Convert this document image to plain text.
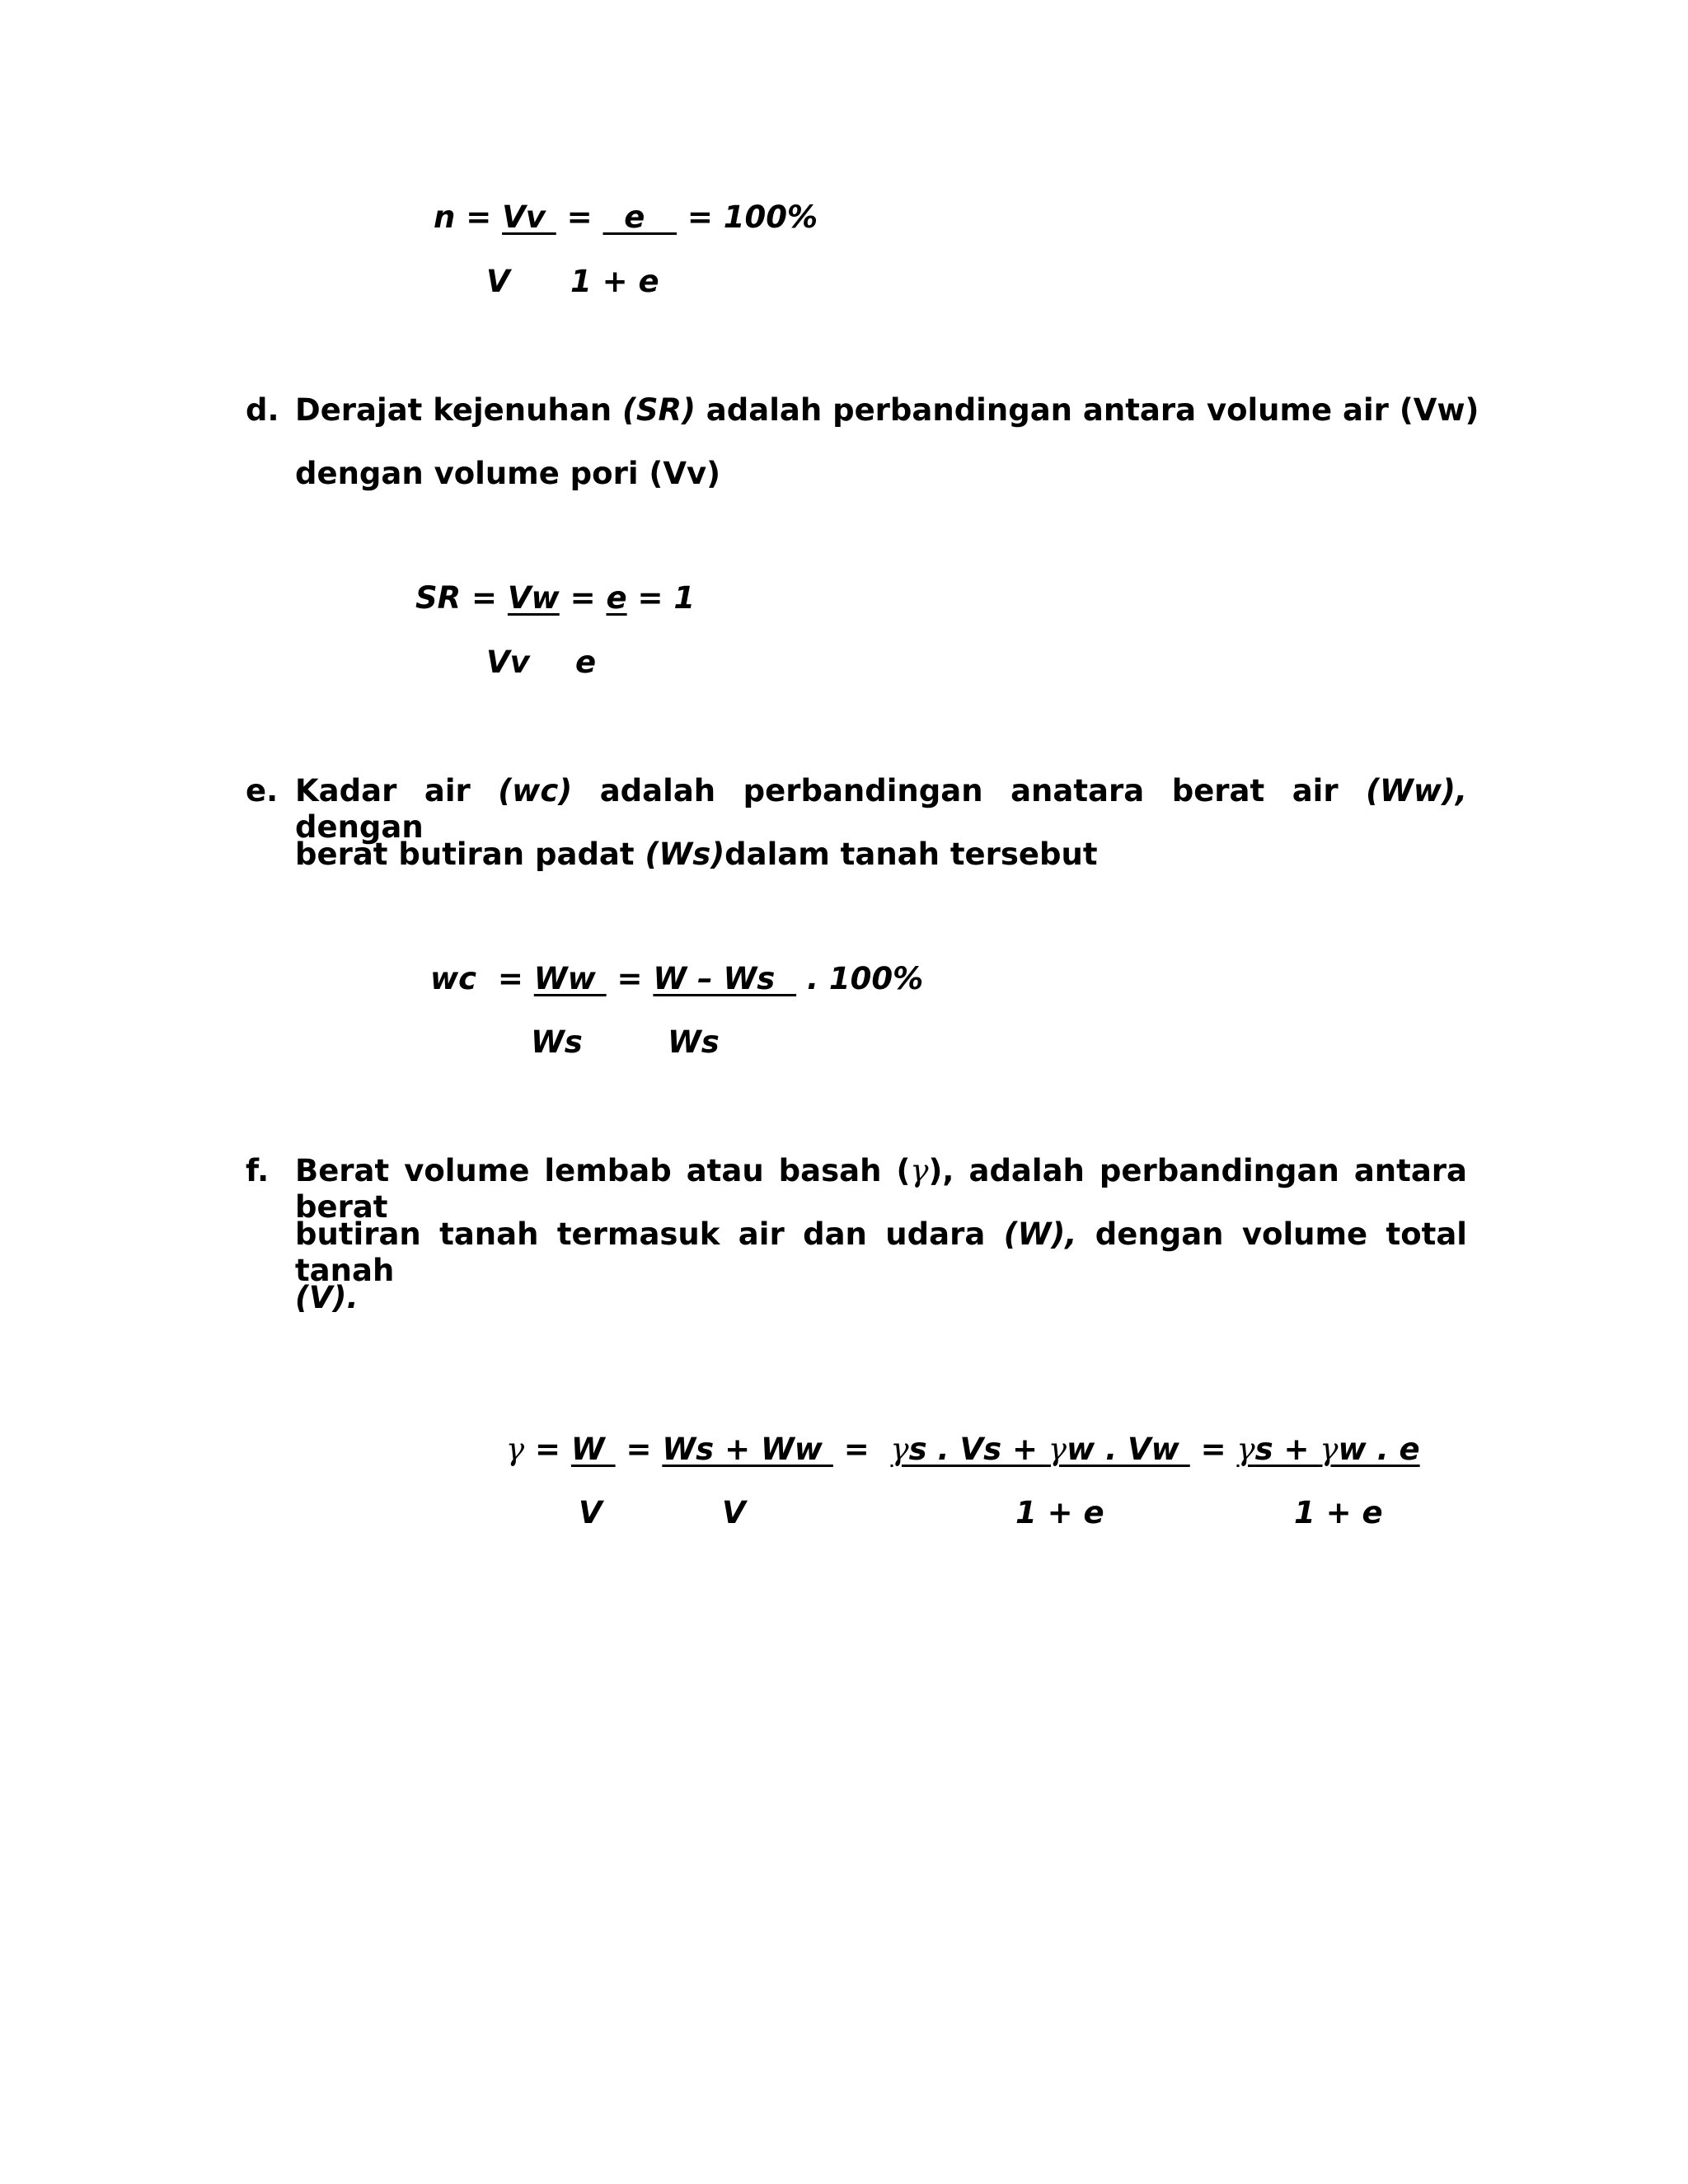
n = Vv  =   e    = 100%
V 1 + e
d. Derajat kejenuhan (SR) adalah perbandingan antara volume air (Vw)
dengan volume pori (Vv)
SR = Vw = e = 1
Vv e
e. Kadar air (wc) adalah perbandingan anatara berat air (Ww), dengan
berat butiran padat (Ws)dalam tanah tersebut
wc  = Ww  = W – Ws   . 100%
Ws	Ws
f. Berat volume lembab atau basah (γ), adalah perbandingan antara berat
butiran tanah termasuk air dan udara (W), dengan volume total tanah
(V).
γ = W  = Ws + Ww  =  γs . Vs + γw . Vw  = γs + γw . e
V	V	1 + e	1 + e
